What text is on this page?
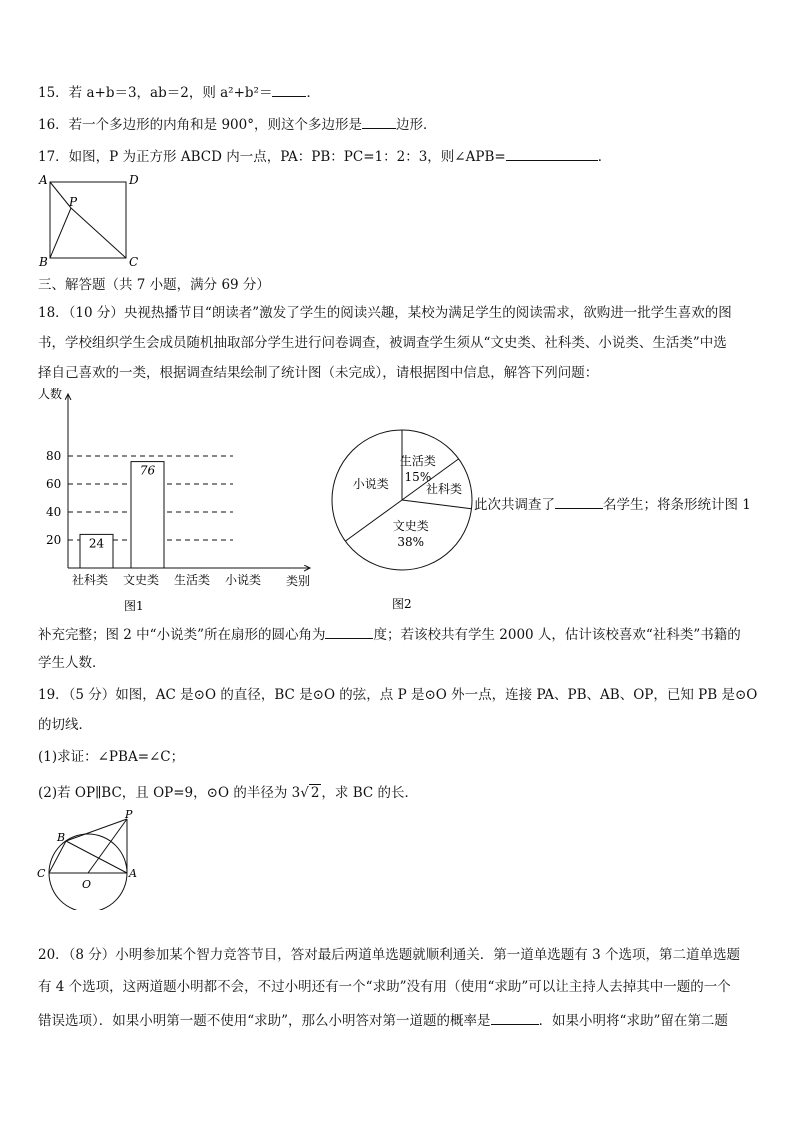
15．若 a+b＝3，ab＝2，则 a²+b²＝	．
16．若一个多边形的内角和是 900°，则这个多边形是	边形．
17．如图，P 为正方形 ABCD 内一点，PA：PB：PC=1：2：3，则∠APB=	．
A	D
B	C
P
三、解答题（共 7 小题，满分 69 分）
18．（10 分）央视热播节目“朗读者”激发了学生的阅读兴趣，某校为满足学生的阅读需求，欲购进一批学生喜欢的图
书，学校组织学生会成员随机抽取部分学生进行问卷调查，被调查学生须从“文史类、社科类、小说类、生活类”中选
择自己喜欢的一类，根据调查结果绘制了统计图（未完成），请根据图中信息，解答下列问题：
人数
类别
20
40
60
80
24
76
社科类 文史类 生活类 小说类
图1
生活类
15%
社科类
文史类
38%
小说类
图2
此次共调查了	名学生；将条形统计图 1
补充完整；图 2 中“小说类”所在扇形的圆心角为	度；若该校共有学生 2000 人，估计该校喜欢“社科类”书籍的
学生人数．
19．（5 分）如图，AC 是⊙O 的直径，BC 是⊙O 的弦，点 P 是⊙O 外一点，连接 PA、PB、AB、OP，已知 PB 是⊙O
的切线．
(1)求证：∠PBA=∠C；
(2)若 OP∥BC，且 OP=9，⊙O 的半径为 3√ 2 ，求 BC 的长．
P
B
C
O
A
20．（8 分）小明参加某个智力竞答节目，答对最后两道单选题就顺利通关．第一道单选题有 3 个选项，第二道单选题
有 4 个选项，这两道题小明都不会，不过小明还有一个“求助”没有用（使用“求助”可以让主持人去掉其中一题的一个
错误选项）．如果小明第一题不使用“求助”，那么小明答对第一道题的概率是	．如果小明将“求助”留在第二题
